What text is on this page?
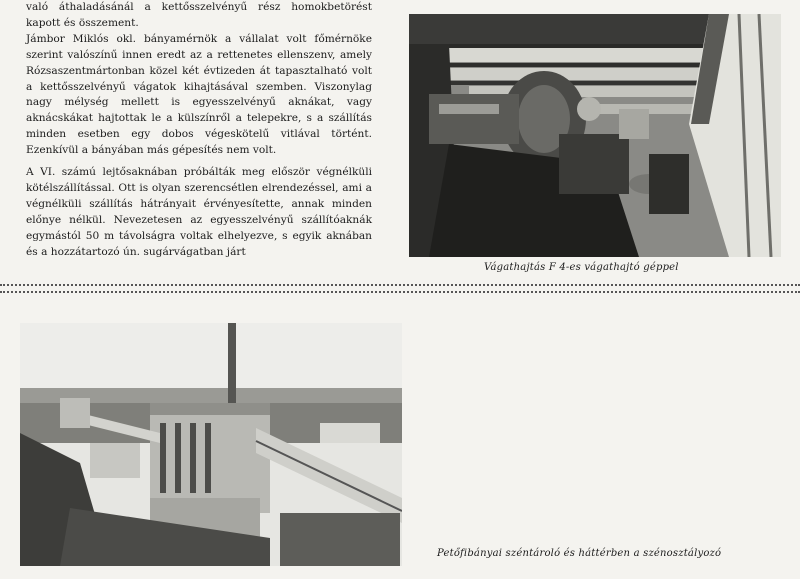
való áthaladásánál a kettősszelvényű rész homokbetörést kapott és összement.

Jámbor Miklós okl. bányamérnök a vállalat volt főmérnöke szerint valószínű innen eredt az a rettenetes ellenszenv, amely Rózsaszentmártonban közel két évtizeden át tapasztalható volt a kettősszelvényű vágatok kihajtásával szemben. Viszonylag nagy mélység mellett is egyesszelvényű aknákat, vagy aknácskákat hajtottak le a külszínről a telepekre, s a szállítás minden esetben egy dobos végeskötelű vitlával történt. Ezenkívül a bányában más gépesítés nem volt.

A VI. számú lejtősaknában próbálták meg először végnélküli kötélszállítással. Ott is olyan szerencsétlen elrendezéssel, ami a végnélküli szállítás hátrányait érvényesítette, annak minden előnye nélkül. Nevezetesen az egyesszelvényű szállítóaknák egymástól 50 m távolságra voltak elhelyezve, s egyik aknában és a hozzátartozó ún. sugárvágatban járt

Vágathajtás F 4-es vágathajtó géppel
Petőfibányai széntároló és háttérben a szénosztályozó
